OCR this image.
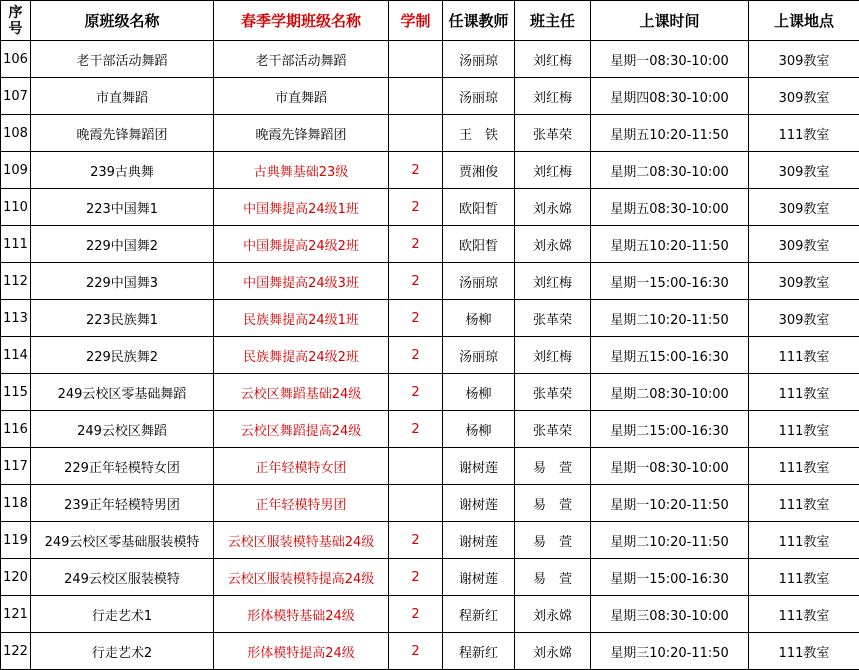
序
号	原班级名称	春季学期班级名称	学制	任课教师	班主任	上课时间	上课地点
106	老干部活动舞蹈	老干部活动舞蹈		汤丽琼	刘红梅	星期一08:30-10:00	309教室
107	市直舞蹈	市直舞蹈		汤丽琼	刘红梅	星期四08:30-10:00	309教室
108	晚霞先锋舞蹈团	晚霞先锋舞蹈团		王　铁	张革荣	星期五10:20-11:50	111教室
109	239古典舞	古典舞基础23级	2	贾湘俊	刘红梅	星期二08:30-10:00	309教室
110	223中国舞1	中国舞提高24级1班	2	欧阳晳	刘永嫦	星期五08:30-10:00	309教室
111	229中国舞2	中国舞提高24级2班	2	欧阳晳	刘永嫦	星期五10:20-11:50	309教室
112	229中国舞3	中国舞提高24级3班	2	汤丽琼	刘红梅	星期一15:00-16:30	309教室
113	223民族舞1	民族舞提高24级1班	2	杨柳	张革荣	星期二10:20-11:50	309教室
114	229民族舞2	民族舞提高24级2班	2	汤丽琼	刘红梅	星期五15:00-16:30	111教室
115	249云校区零基础舞蹈	云校区舞蹈基础24级	2	杨柳	张革荣	星期二08:30-10:00	111教室
116	249云校区舞蹈	云校区舞蹈提高24级	2	杨柳	张革荣	星期二15:00-16:30	111教室
117	229正年轻模特女团	正年轻模特女团		谢树莲	易　萱	星期一08:30-10:00	111教室
118	239正年轻模特男团	正年轻模特男团		谢树莲	易　萱	星期一10:20-11:50	111教室
119	249云校区零基础服装模特	云校区服装模特基础24级	2	谢树莲	易　萱	星期二10:20-11:50	111教室
120	249云校区服装模特	云校区服装模特提高24级	2	谢树莲	易　萱	星期一15:00-16:30	111教室
121	行走艺术1	形体模特基础24级	2	程新红	刘永嫦	星期三08:30-10:00	111教室
122	行走艺术2	形体模特提高24级	2	程新红	刘永嫦	星期三10:20-11:50	111教室
